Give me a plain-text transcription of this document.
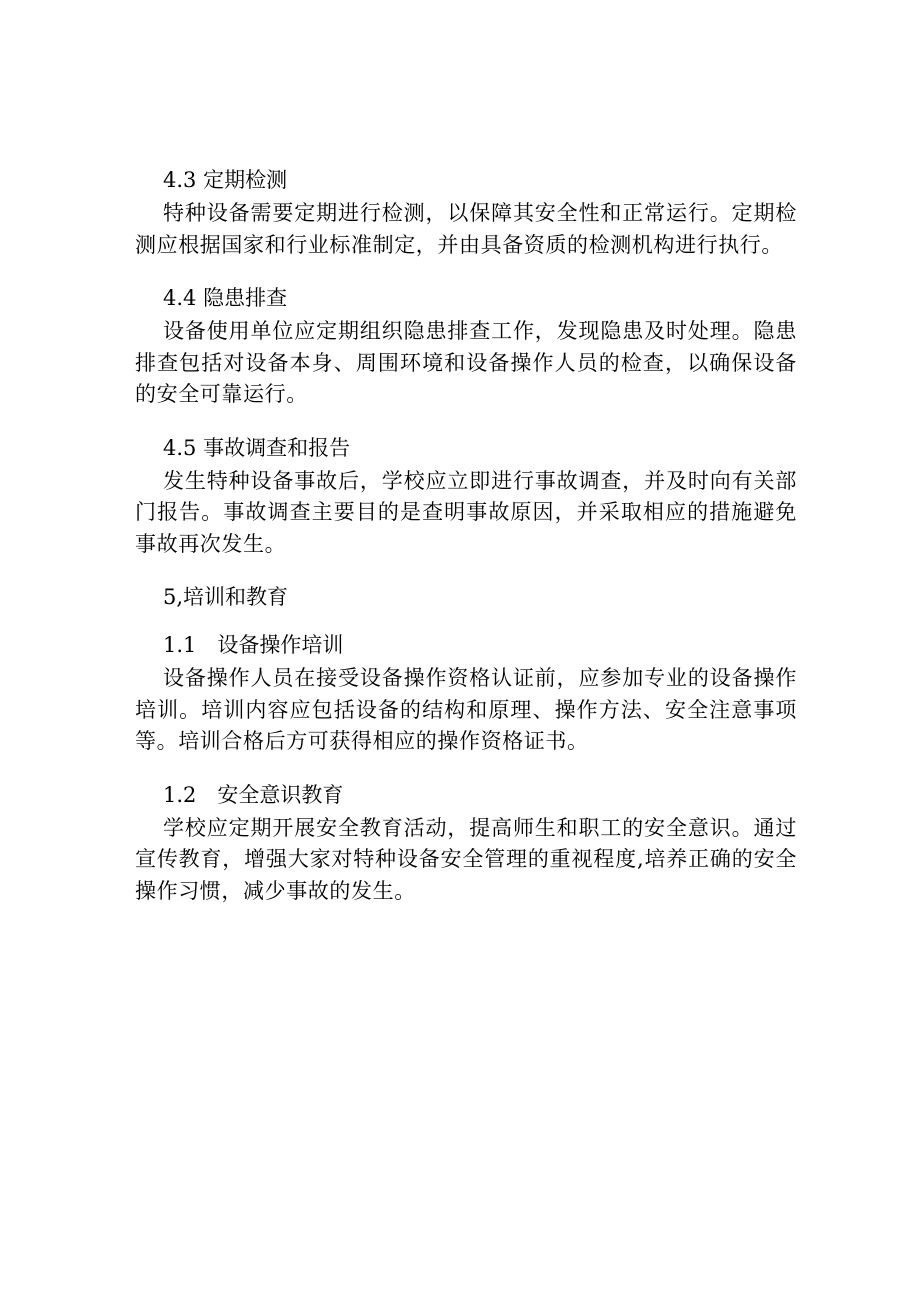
4.3 定期检测

特种设备需要定期进行检测，以保障其安全性和正常运行。定期检测应根据国家和行业标准制定，并由具备资质的检测机构进行执行。

4.4 隐患排查

设备使用单位应定期组织隐患排查工作，发现隐患及时处理。隐患排查包括对设备本身、周围环境和设备操作人员的检查，以确保设备的安全可靠运行。

4.5 事故调查和报告

发生特种设备事故后，学校应立即进行事故调查，并及时向有关部门报告。事故调查主要目的是查明事故原因，并采取相应的措施避免事故再次发生。

5,培训和教育
1.1　设备操作培训

设备操作人员在接受设备操作资格认证前，应参加专业的设备操作培训。培训内容应包括设备的结构和原理、操作方法、安全注意事项等。培训合格后方可获得相应的操作资格证书。

1.2　安全意识教育

学校应定期开展安全教育活动，提高师生和职工的安全意识。通过宣传教育，增强大家对特种设备安全管理的重视程度,培养正确的安全操作习惯，减少事故的发生。
